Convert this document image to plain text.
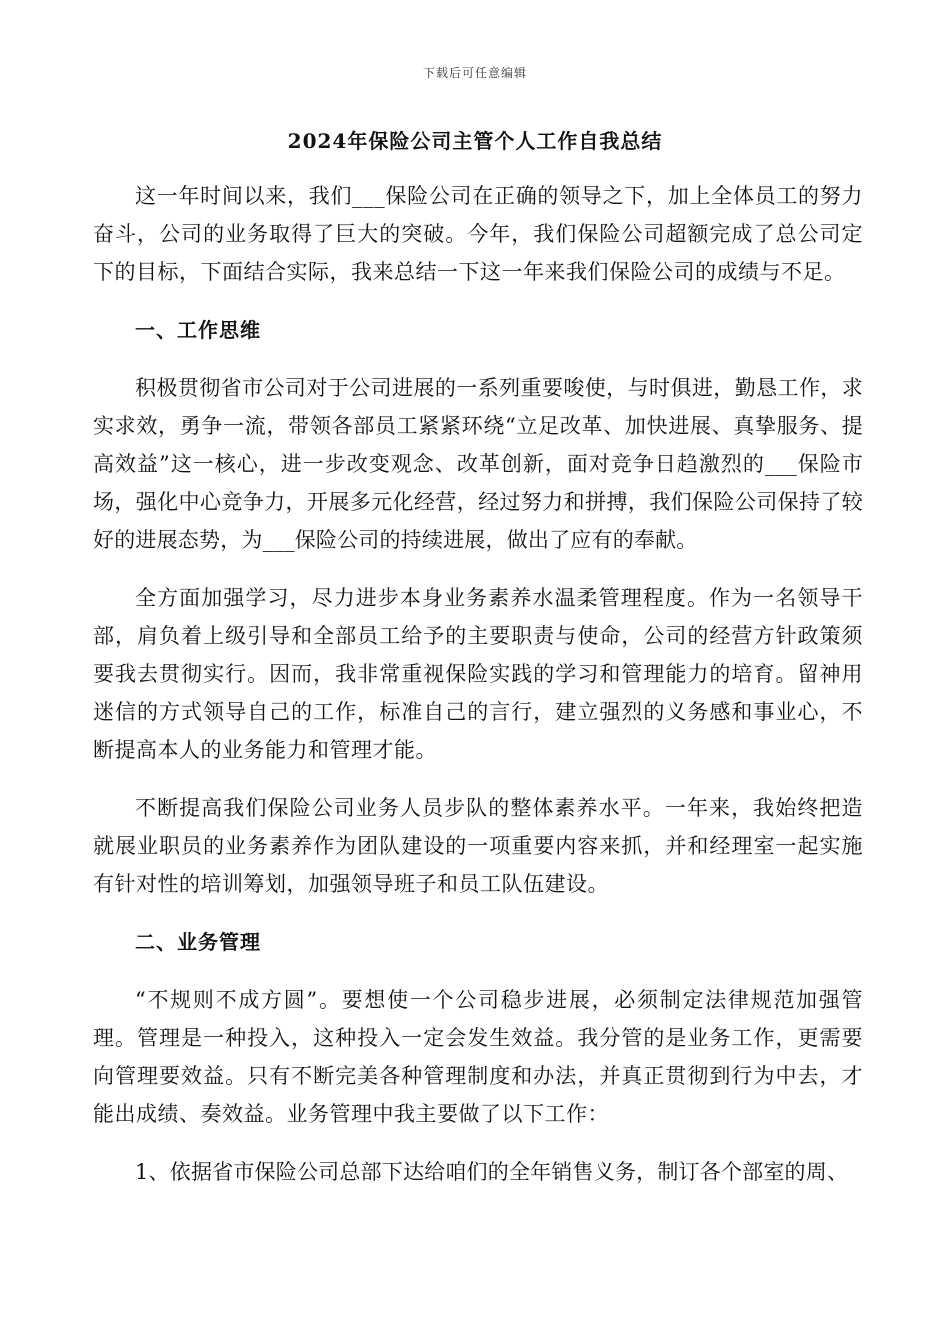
下载后可任意编辑
2024年保险公司主管个人工作自我总结

这一年时间以来，我们___保险公司在正确的领导之下，加上全体员工的努力奋斗，公司的业务取得了巨大的突破。今年，我们保险公司超额完成了总公司定下的目标，下面结合实际，我来总结一下这一年来我们保险公司的成绩与不足。

一、工作思维

积极贯彻省市公司对于公司进展的一系列重要唆使，与时俱进，勤恳工作，求实求效，勇争一流，带领各部员工紧紧环绕“立足改革、加快进展、真挚服务、提高效益”这一核心，进一步改变观念、改革创新，面对竞争日趋激烈的___保险市场，强化中心竞争力，开展多元化经营，经过努力和拼搏，我们保险公司保持了较好的进展态势，为___保险公司的持续进展，做出了应有的奉献。

全方面加强学习，尽力进步本身业务素养水温柔管理程度。作为一名领导干部，肩负着上级引导和全部员工给予的主要职责与使命，公司的经营方针政策须要我去贯彻实行。因而，我非常重视保险实践的学习和管理能力的培育。留神用迷信的方式领导自己的工作，标准自己的言行，建立强烈的义务感和事业心，不断提高本人的业务能力和管理才能。

不断提高我们保险公司业务人员步队的整体素养水平。一年来，我始终把造就展业职员的业务素养作为团队建设的一项重要内容来抓，并和经理室一起实施有针对性的培训筹划，加强领导班子和员工队伍建设。

二、业务管理

“不规则不成方圆”。要想使一个公司稳步进展，必须制定法律规范加强管理。管理是一种投入，这种投入一定会发生效益。我分管的是业务工作，更需要向管理要效益。只有不断完美各种管理制度和办法，并真正贯彻到行为中去，才能出成绩、奏效益。业务管理中我主要做了以下工作：

1、依据省市保险公司总部下达给咱们的全年销售义务，制订各个部室的周、
